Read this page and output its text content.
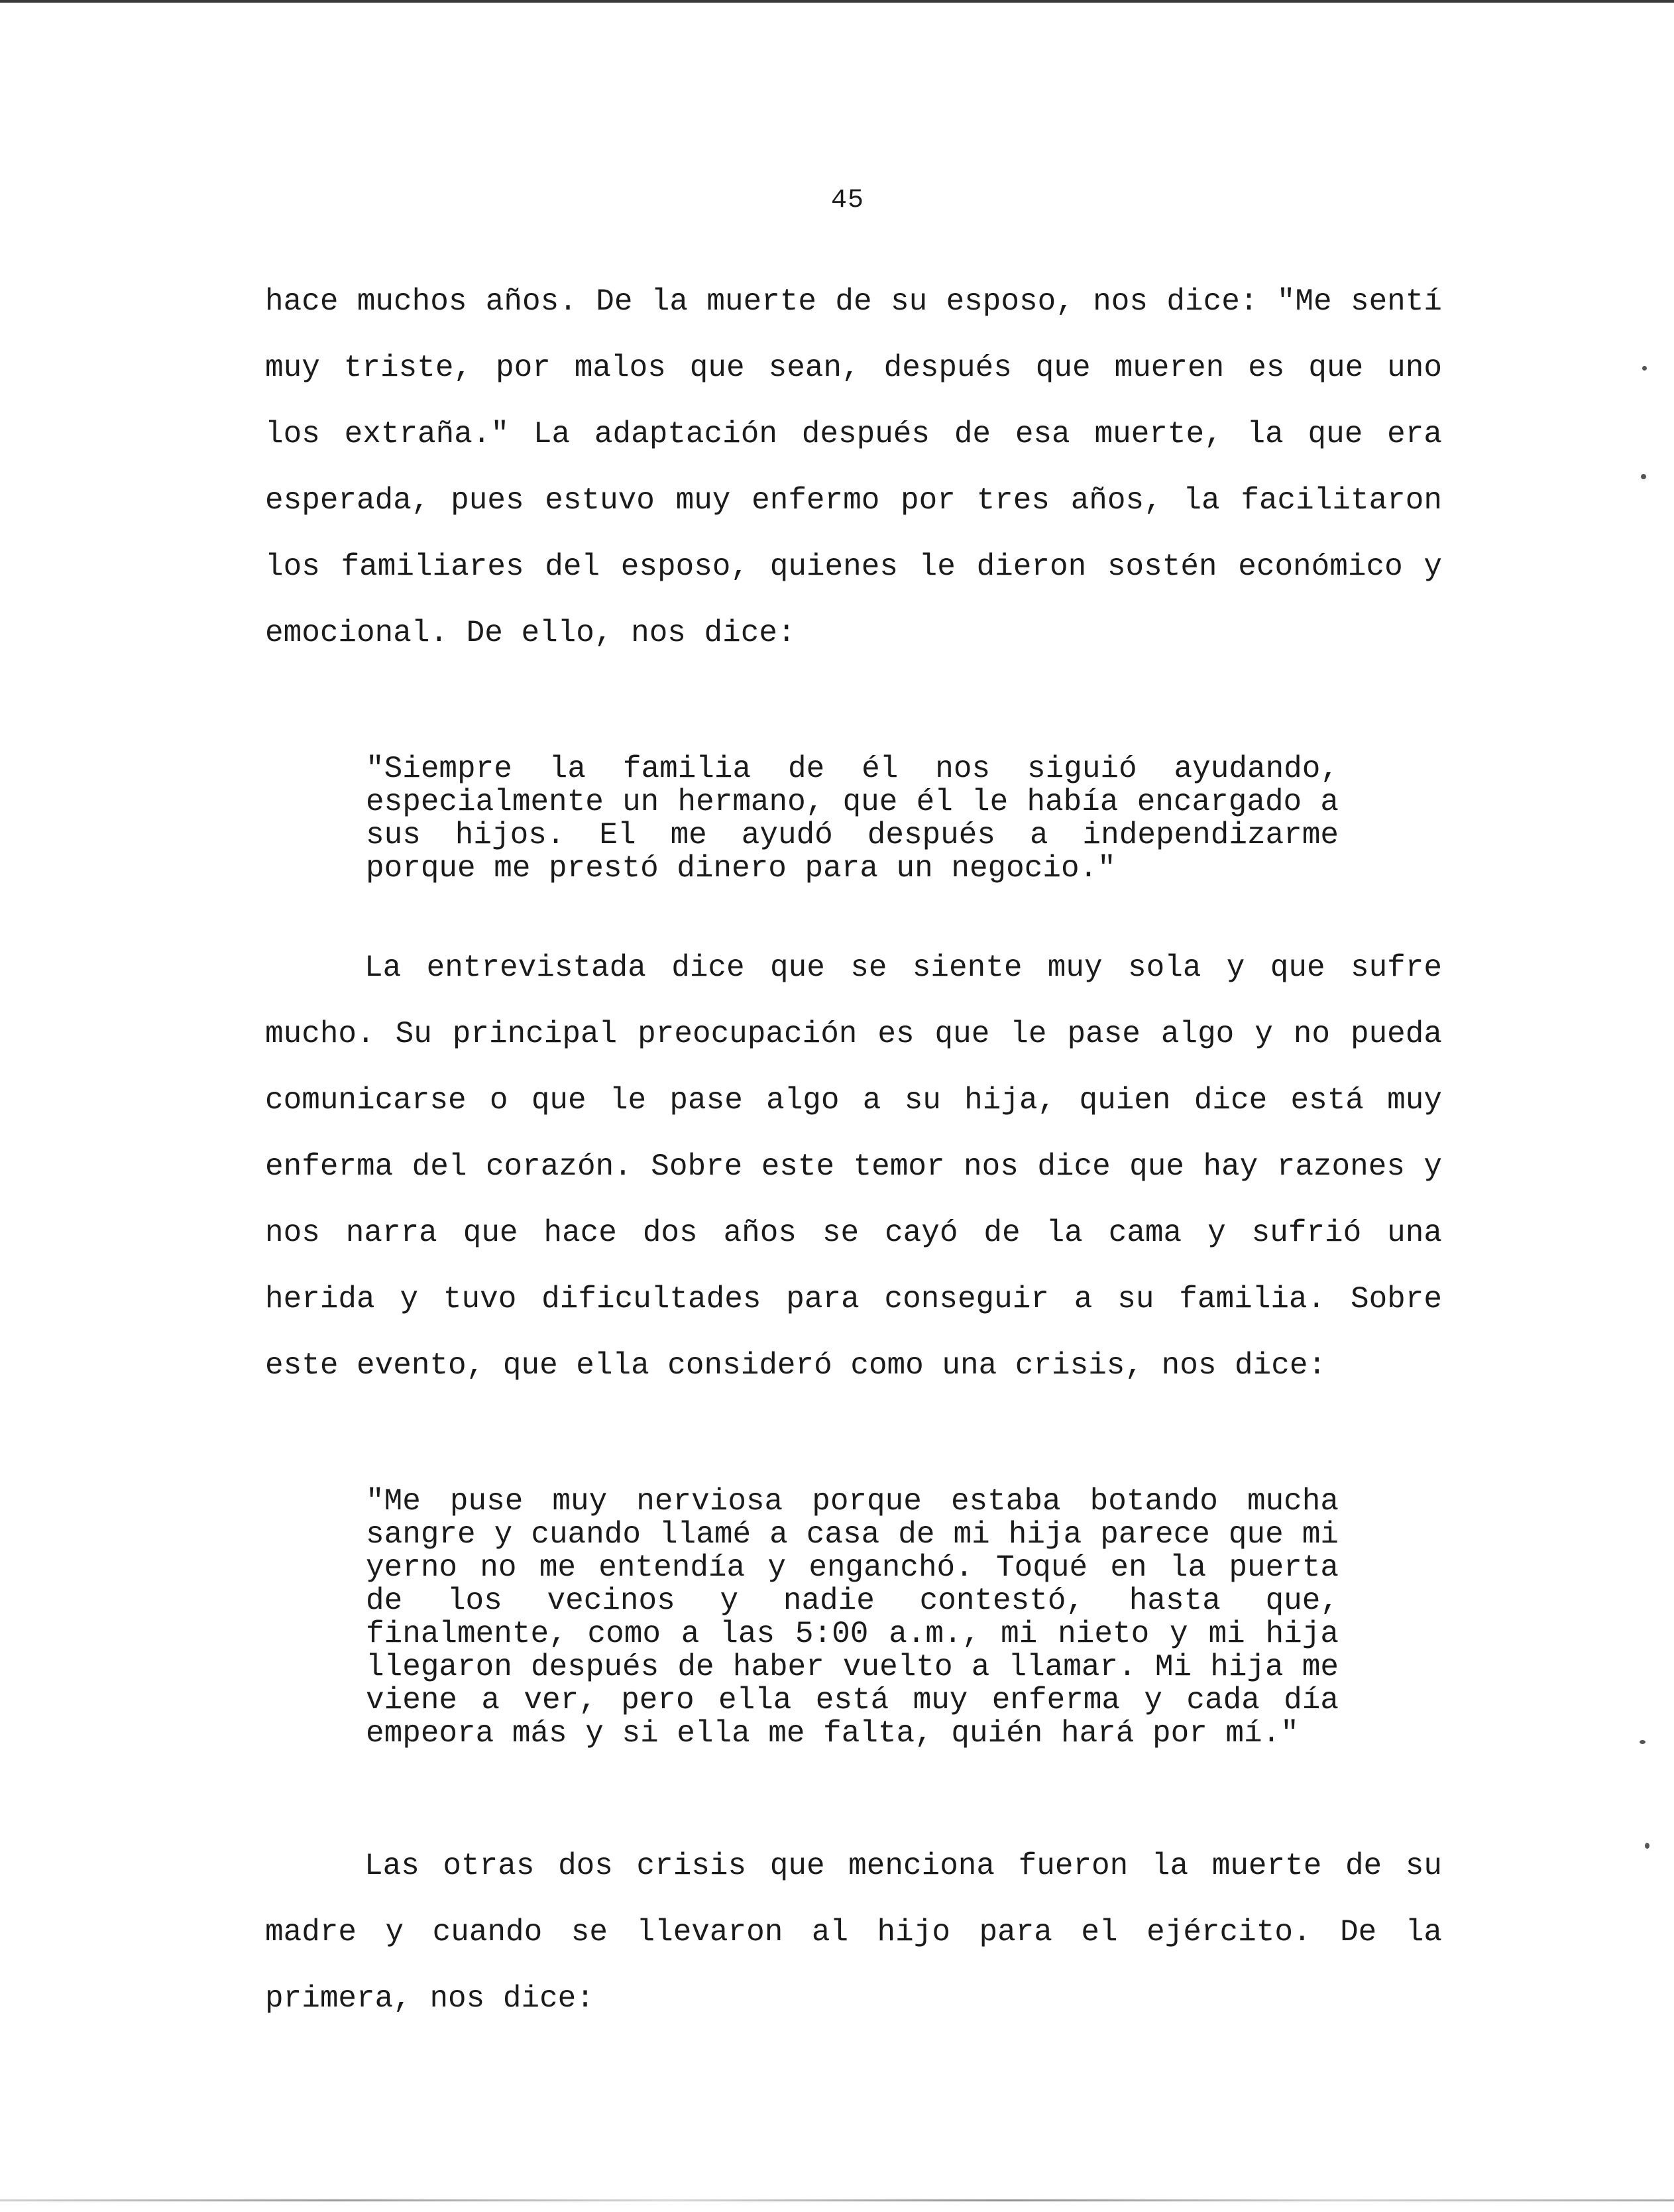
45

hace muchos años. De la muerte de su esposo, nos dice: "Me sentí muy triste, por malos que sean, después que mueren es que uno los extraña." La adaptación después de esa muerte, la que era esperada, pues estuvo muy enfermo por tres años, la facilitaron los familiares del esposo, quienes le dieron sostén económico y emocional. De ello, nos dice:

"Siempre la familia de él nos siguió ayudando, especialmente un hermano, que él le había encargado a sus hijos. El me ayudó después a independizarme porque me prestó dinero para un negocio."

La entrevistada dice que se siente muy sola y que sufre mucho. Su principal preocupación es que le pase algo y no pueda comunicarse o que le pase algo a su hija, quien dice está muy enferma del corazón. Sobre este temor nos dice que hay razones y nos narra que hace dos años se cayó de la cama y sufrió una herida y tuvo dificultades para conseguir a su familia. Sobre este evento, que ella consideró como una crisis, nos dice:

"Me puse muy nerviosa porque estaba botando mucha sangre y cuando llamé a casa de mi hija parece que mi yerno no me entendía y enganchó. Toqué en la puerta de los vecinos y nadie contestó, hasta que, finalmente, como a las 5:00 a.m., mi nieto y mi hija llegaron después de haber vuelto a llamar. Mi hija me viene a ver, pero ella está muy enferma y cada día empeora más y si ella me falta, quién hará por mí."

Las otras dos crisis que menciona fueron la muerte de su madre y cuando se llevaron al hijo para el ejército. De la primera, nos dice:
